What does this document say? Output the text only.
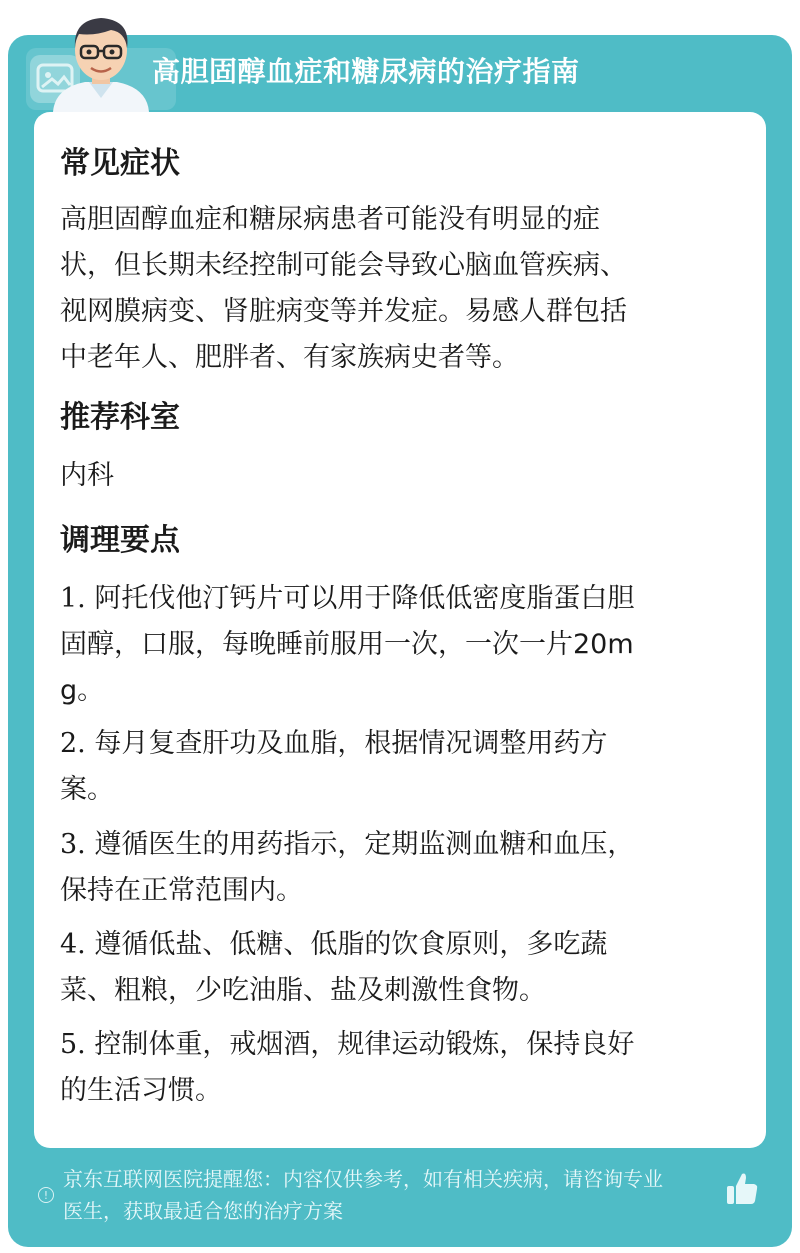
高胆固醇血症和糖尿病的治疗指南
常见症状
高胆固醇血症和糖尿病患者可能没有明显的症
状，但长期未经控制可能会导致心脑血管疾病、
视网膜病变、肾脏病变等并发症。易感人群包括
中老年人、肥胖者、有家族病史者等。
推荐科室
内科
调理要点
1. 阿托伐他汀钙片可以用于降低低密度脂蛋白胆
固醇，口服，每晚睡前服用一次，一次一片20m
g。
2. 每月复查肝功及血脂，根据情况调整用药方
案。
3. 遵循医生的用药指示，定期监测血糖和血压，
保持在正常范围内。
4. 遵循低盐、低糖、低脂的饮食原则，多吃蔬
菜、粗粮，少吃油脂、盐及刺激性食物。
5. 控制体重，戒烟酒，规律运动锻炼，保持良好
的生活习惯。
!
京东互联网医院提醒您：内容仅供参考，如有相关疾病，请咨询专业
医生，获取最适合您的治疗方案
